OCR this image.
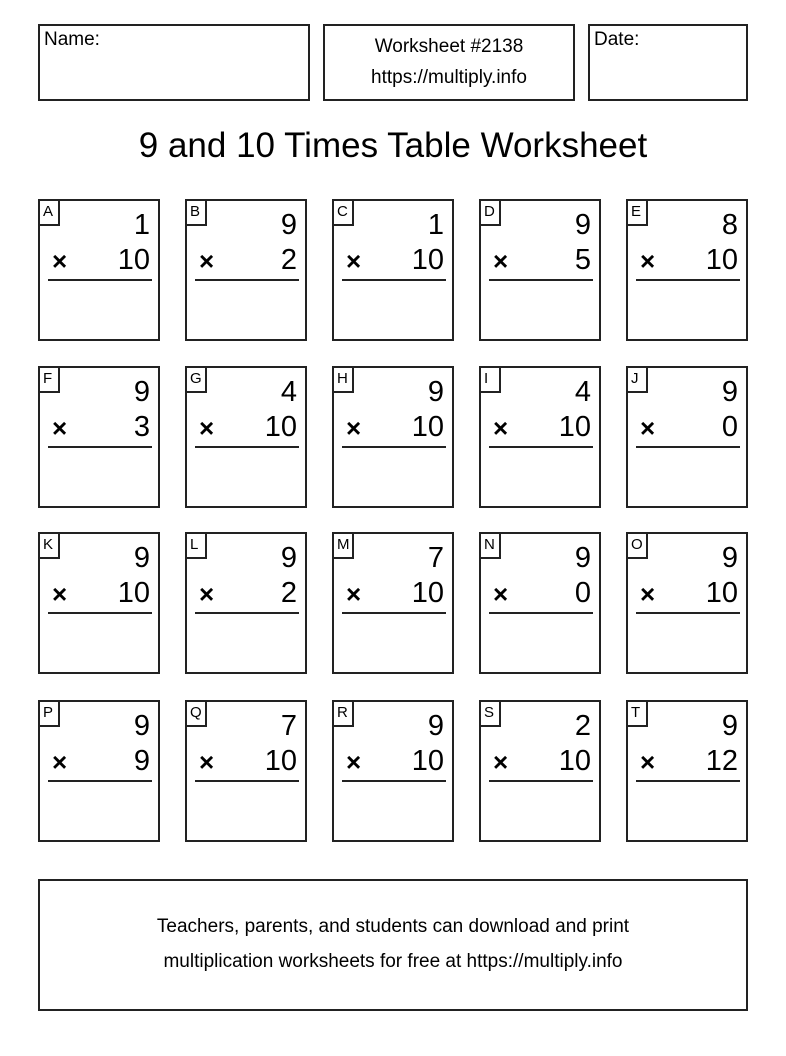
Name:	Worksheet #2138
https://multiply.info
Date:
9 and 10 Times Table Worksheet
A	1
× 10
B	9
× 2
C	1
× 10
D	9
× 5
E	8
× 10
F	9
× 3
G	4
× 10
H	9
× 10
I	4
× 10
J	9
× 0
K	9
× 10
L	9
× 2
M	7
× 10
N	9
× 0
O	9
× 10
P	9
× 9
Q	7
× 10
R	9
× 10
S	2
× 10
T	9
× 12
Teachers, parents, and students can download and print
multiplication worksheets for free at https://multiply.info
